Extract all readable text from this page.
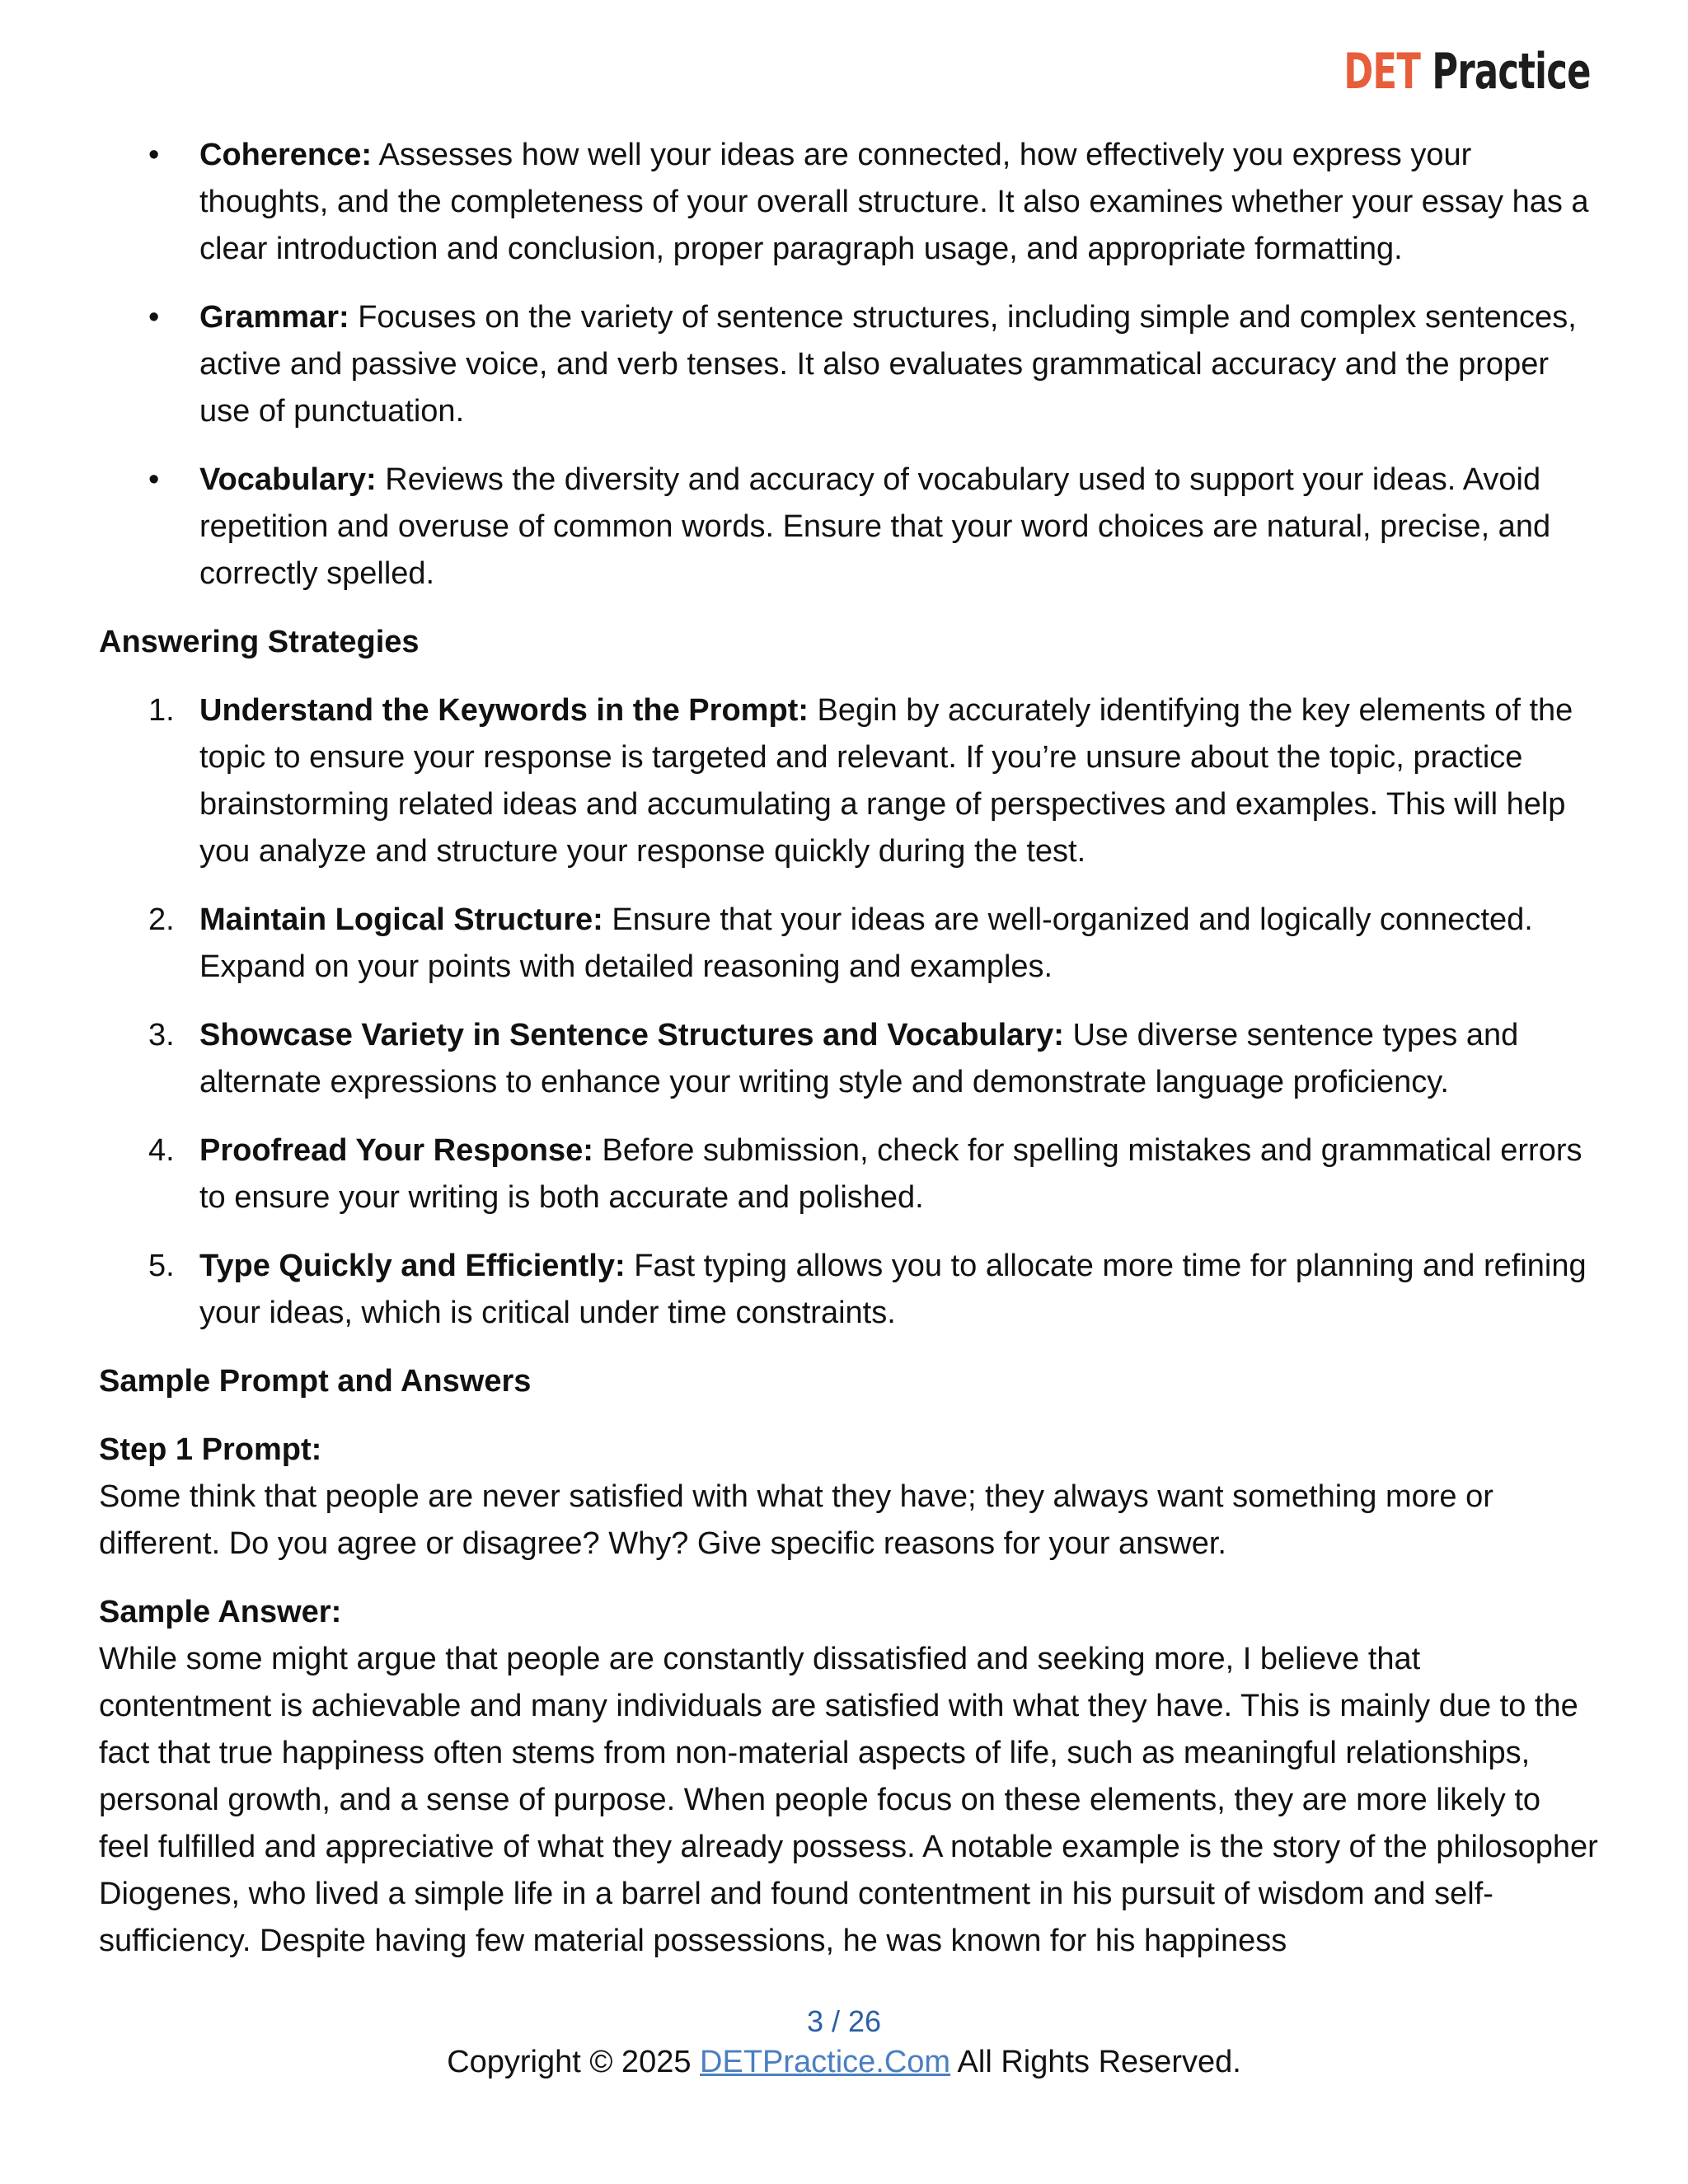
DET Practice
•	Coherence: Assesses how well your ideas are connected, how effectively you express your thoughts, and the completeness of your overall structure. It also examines whether your essay has a clear introduction and conclusion, proper paragraph usage, and appropriate formatting.
•	Grammar: Focuses on the variety of sentence structures, including simple and complex sentences, active and passive voice, and verb tenses. It also evaluates grammatical accuracy and the proper use of punctuation.
•	Vocabulary: Reviews the diversity and accuracy of vocabulary used to support your ideas. Avoid repetition and overuse of common words. Ensure that your word choices are natural, precise, and correctly spelled.
Answering Strategies
1. Understand the Keywords in the Prompt: Begin by accurately identifying the key elements of the topic to ensure your response is targeted and relevant. If you’re unsure about the topic, practice brainstorming related ideas and accumulating a range of perspectives and examples. This will help you analyze and structure your response quickly during the test.
2. Maintain Logical Structure: Ensure that your ideas are well-organized and logically connected. Expand on your points with detailed reasoning and examples.
3. Showcase Variety in Sentence Structures and Vocabulary: Use diverse sentence types and alternate expressions to enhance your writing style and demonstrate language proficiency.
4. Proofread Your Response: Before submission, check for spelling mistakes and grammatical errors to ensure your writing is both accurate and polished.
5. Type Quickly and Efficiently: Fast typing allows you to allocate more time for planning and refining your ideas, which is critical under time constraints.
Sample Prompt and Answers
Step 1 Prompt:
Some think that people are never satisfied with what they have; they always want something more or different. Do you agree or disagree? Why? Give specific reasons for your answer.
Sample Answer:
While some might argue that people are constantly dissatisfied and seeking more, I believe that contentment is achievable and many individuals are satisfied with what they have. This is mainly due to the fact that true happiness often stems from non-material aspects of life, such as meaningful relationships, personal growth, and a sense of purpose. When people focus on these elements, they are more likely to feel fulfilled and appreciative of what they already possess. A notable example is the story of the philosopher Diogenes, who lived a simple life in a barrel and found contentment in his pursuit of wisdom and self-sufficiency. Despite having few material possessions, he was known for his happiness
3 / 26
Copyright © 2025 DETPractice.Com All Rights Reserved.
